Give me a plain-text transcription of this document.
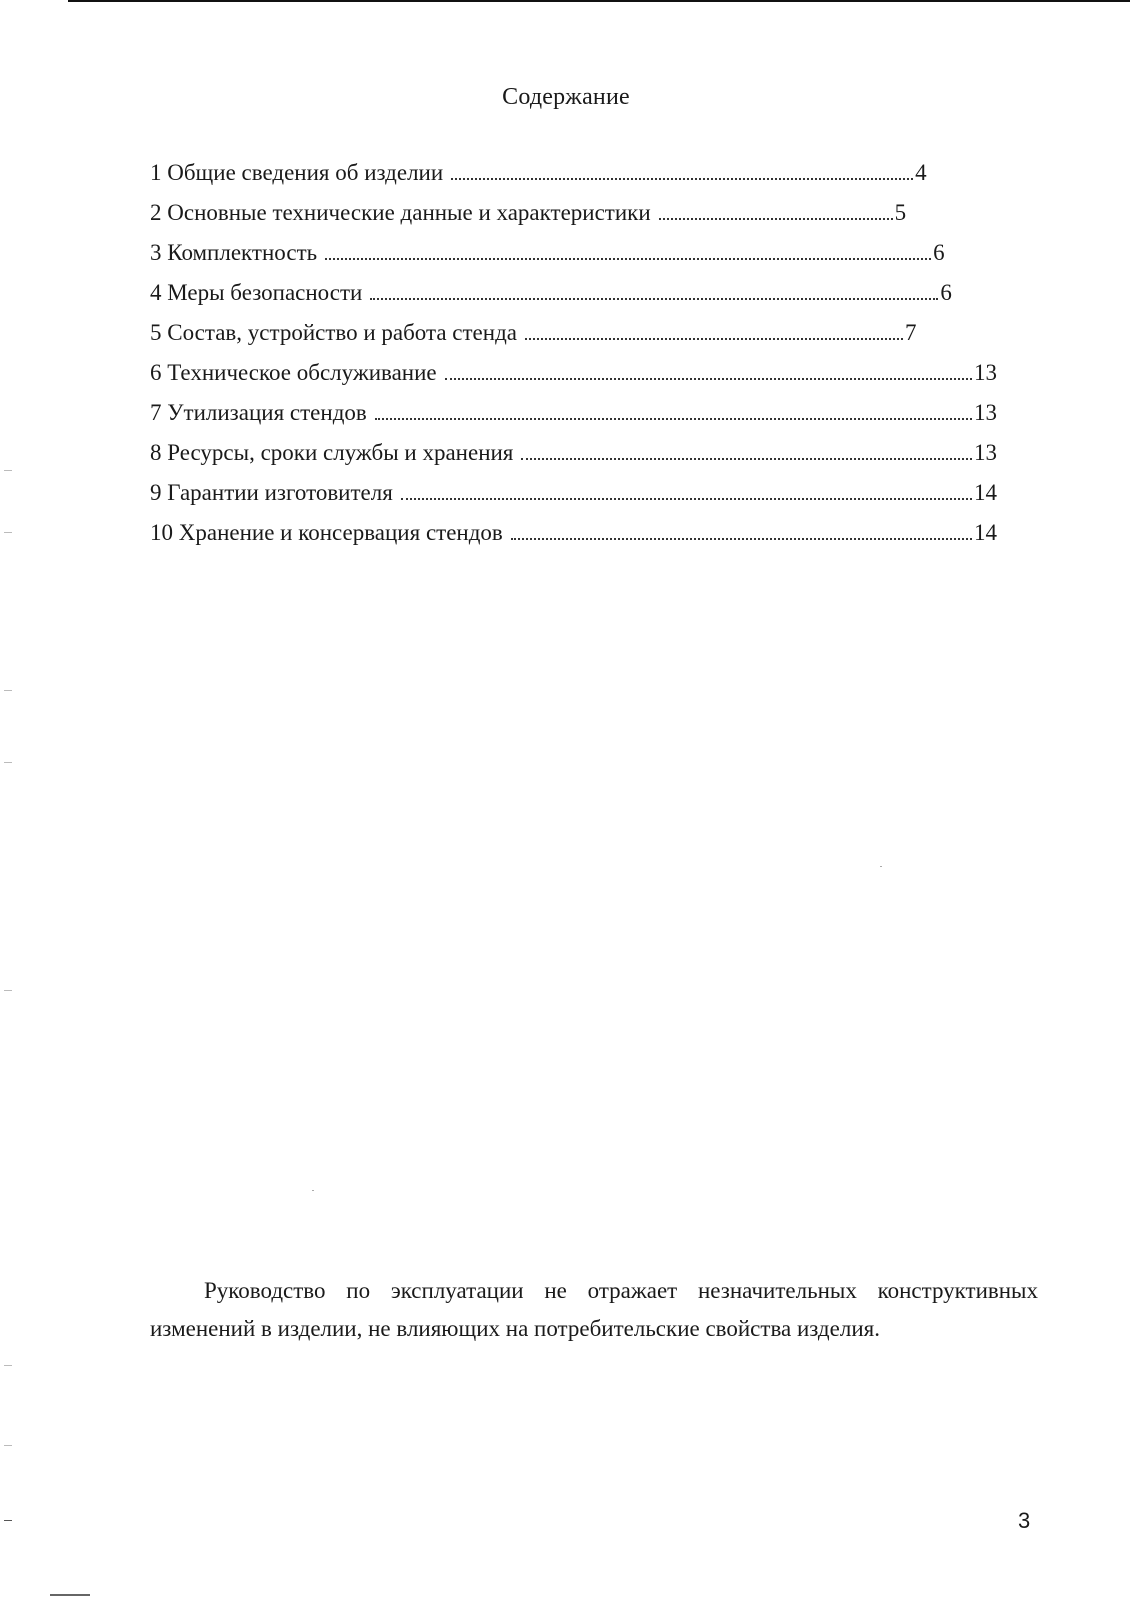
Содержание
1 Общие сведения об изделии	4
2 Основные технические данные и характеристики	5
3 Комплектность	6
4 Меры безопасности	6
5 Состав, устройство и работа стенда	7
6 Техническое обслуживание	13
7 Утилизация стендов	13
8 Ресурсы, сроки службы и хранения	13
9 Гарантии изготовителя	14
10 Хранение и консервация стендов	14

Руководство по эксплуатации не отражает незначительных конструктивных изменений в изделии, не влияющих на потребительские свойства изделия.

3
